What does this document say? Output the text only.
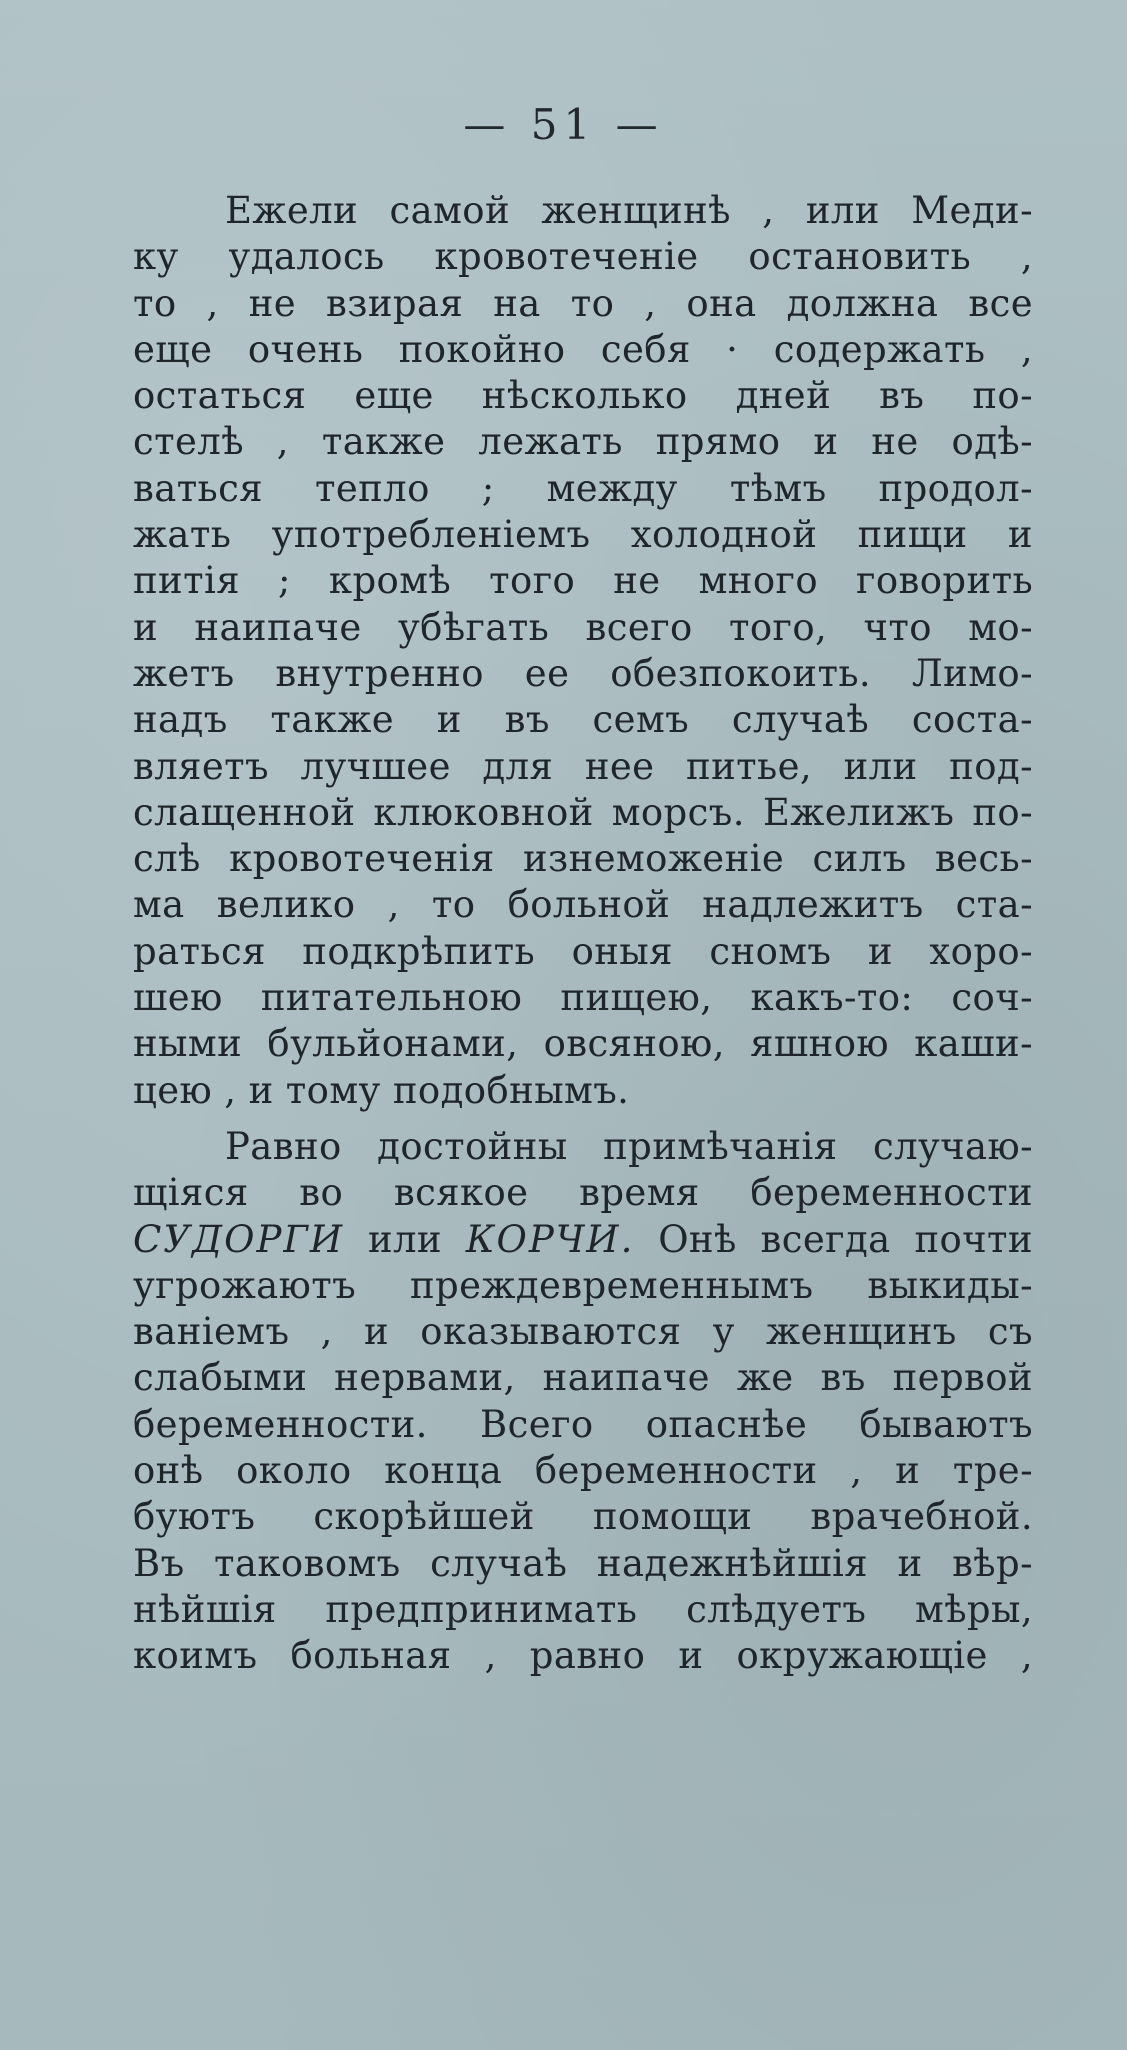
— 51 —
Ежели самой женщинѣ , или Меди-
ку удалось кровотеченіе остановить ,
то , не взирая на то , она должна все
еще очень покойно себя · содержать ,
остаться еще нѣсколько дней въ по-
стелѣ , также лежать прямо и не одѣ-
ваться тепло ; между тѣмъ продол-
жать употребленіемъ холодной пищи и
питія ; кромѣ того не много говорить
и наипаче убѣгать всего того, что мо-
жетъ внутренно ее обезпокоить. Лимо-
надъ также и въ семъ случаѣ соста-
вляетъ лучшее для нее питье, или под-
слащенной клюковной морсъ. Ежелижъ по-
слѣ кровотеченія изнеможеніе силъ весь-
ма велико , то больной надлежитъ ста-
раться подкрѣпить оныя сномъ и хоро-
шею питательною пищею, какъ-то: соч-
ными бульйонами, овсяною, яшною каши-
цею , и тому подобнымъ.
Равно достойны примѣчанія случаю-
щіяся во всякое время беременности
СУДОРГИ или КОРЧИ. Онѣ всегда почти
угрожаютъ преждевременнымъ выкиды-
ваніемъ , и оказываются у женщинъ съ
слабыми нервами, наипаче же въ первой
беременности. Всего опаснѣе бываютъ
онѣ около конца беременности , и тре-
буютъ скорѣйшей помощи врачебной.
Въ таковомъ случаѣ надежнѣйшія и вѣр-
нѣйшія предпринимать слѣдуетъ мѣры,
коимъ больная , равно и окружающіе ,
